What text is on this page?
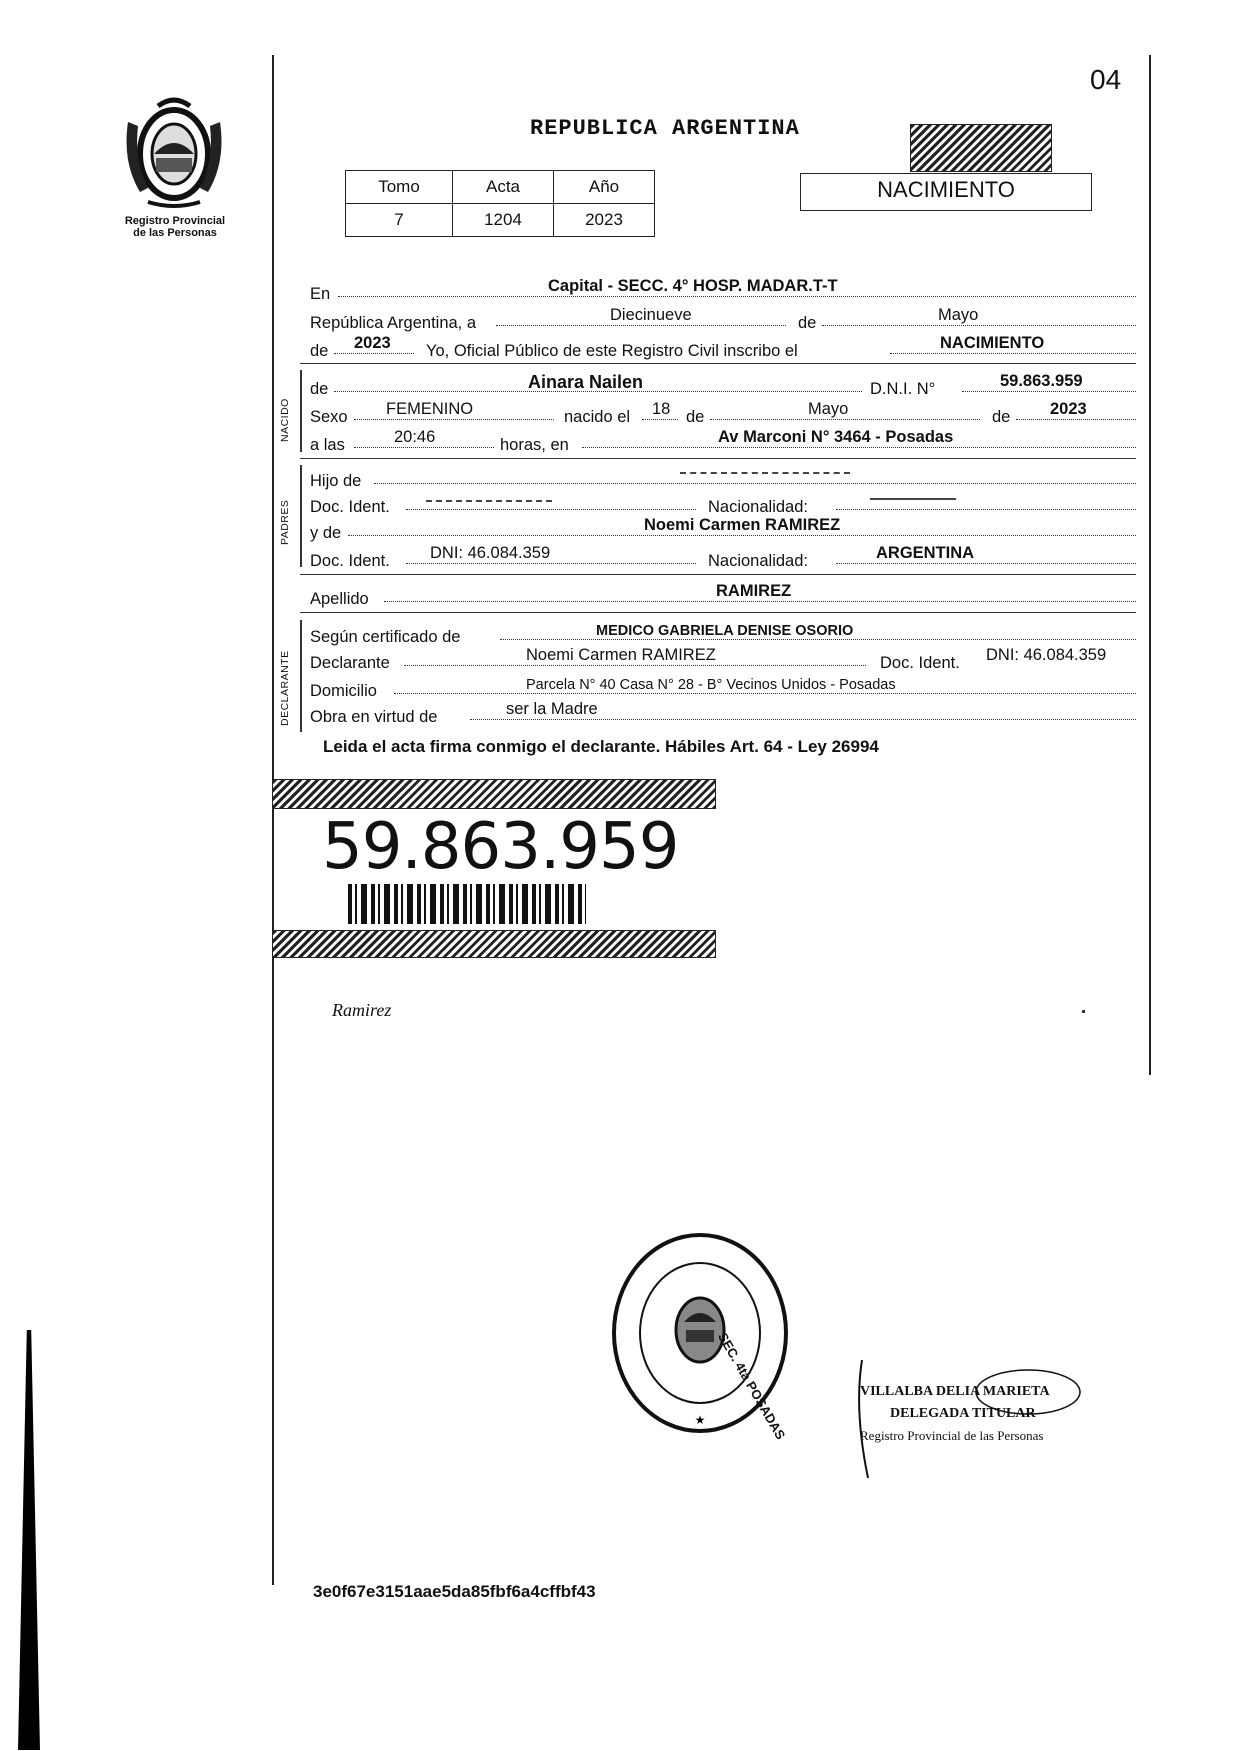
04
Registro Provincial
de las Personas
REPUBLICA ARGENTINA
Tomo	Acta	Año
7	1204	2023
NACIMIENTO
En	Capital - SECC. 4° HOSP. MADAR.T-T
República Argentina, a	Diecinueve	de	Mayo
de 2023 Yo, Oficial Público de este Registro Civil inscribo el	NACIMIENTO
NACIDO
de	Ainara Nailen	D.N.I. N°	59.863.959
Sexo FEMENINO	nacido el 18 de	Mayo	de 2023
a las	20:46	horas, en	Av Marconi N° 3464 - Posadas
PADRES
Hijo de
Doc. Ident.	Nacionalidad:
y de	Noemi Carmen RAMIREZ
Doc. Ident. DNI: 46.084.359	Nacionalidad:	ARGENTINA
Apellido	RAMIREZ
DECLARANTE
Según certificado de	MEDICO GABRIELA DENISE OSORIO
Declarante	Noemi Carmen RAMIREZ	Doc. Ident. DNI: 46.084.359
Domicilio	Parcela N° 40 Casa N° 28 - B° Vecinos Unidos - Posadas
Obra en virtud de	ser la Madre
Leida el acta firma conmigo el declarante. Hábiles Art. 64 - Ley 26994
59.863.959
Ramirez
★ SEC. 4ta POSADAS	VILLALBA DELIA MARIETA
DELEGADA TITULAR
Registro Provincial de las Personas
3e0f67e3151aae5da85fbf6a4cffbf43
